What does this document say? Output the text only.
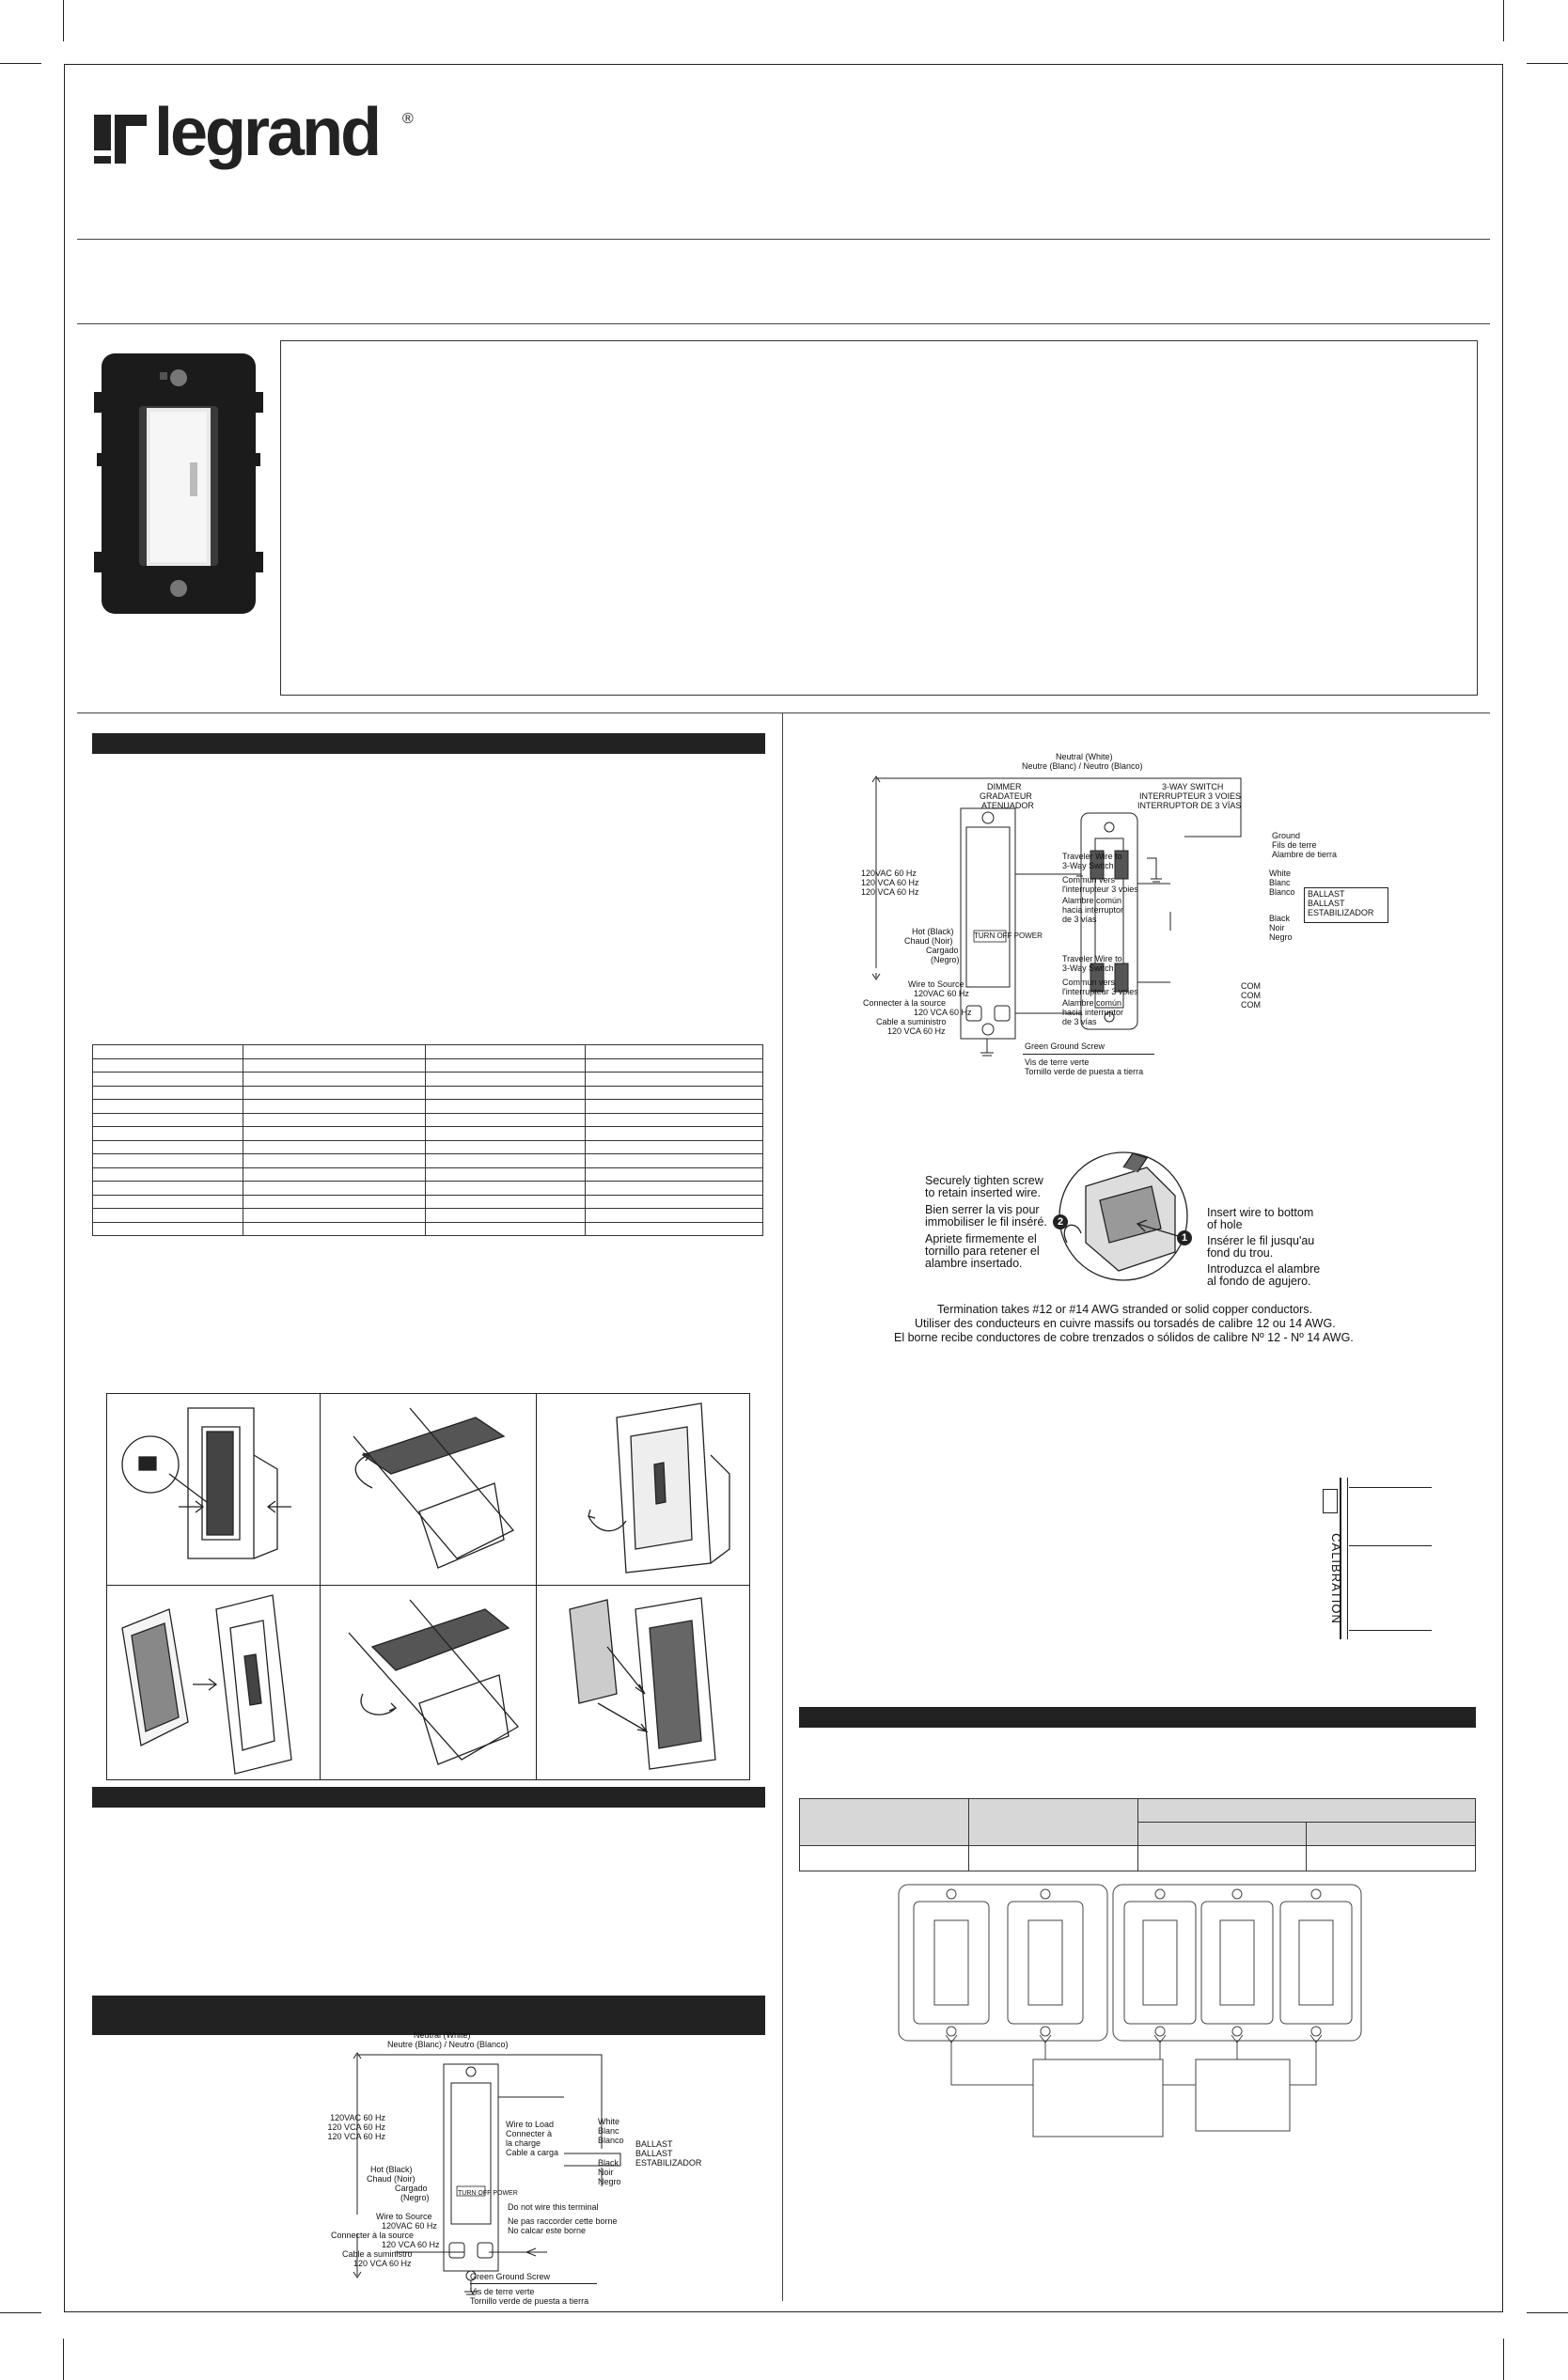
legrand ®

Neutral (White)
Neutre (Blanc) / Neutro (Blanco)
120VAC 60 Hz
120 VCA 60 Hz
120 VCA 60 Hz
Hot (Black)
Chaud (Noir)
Cargado
(Negro)
Wire to Source
120VAC 60 Hz
Connecter à la source
120 VCA 60 Hz
Cable a suministro
120 VCA 60 Hz
Wire to Load
Connecter à
la charge
Cable a carga
White
Blanc
Blanco
Black
Noir
Negro
BALLAST
BALLAST
ESTABILIZADOR
Do not wire this terminal
Ne pas raccorder cette borne
No calcar este borne
Green Ground Screw
Vis de terre verte
Tornillo verde de puesta a tierra
TURN OFF POWER
Neutral (White)
Neutre (Blanc) / Neutro (Blanco)
DIMMER
GRADATEUR
ATENUADOR
3-WAY SWITCH
INTERRUPTEUR 3 VOIES
INTERRUPTOR DE 3 VÍAS
120VAC 60 Hz
120 VCA 60 Hz
120 VCA 60 Hz
Hot (Black)
Chaud (Noir)
Cargado
(Negro)
Wire to Source
120VAC 60 Hz
Connecter à la source
120 VCA 60 Hz
Cable a suministro
120 VCA 60 Hz
Traveler Wire to
3-Way Switch
Commun vers
l'interrupteur 3 voies
Alambre común
hacia interruptor
de 3 vías
Traveler Wire to
3-Way Switch
Commun vers
l'interrupteur 3 voies
Alambre común
hacia interruptor
de 3 vías
Ground
Fils de terre
Alambre de tierra
White
Blanc
Blanco
Black
Noir
Negro
BALLAST
BALLAST
ESTABILIZADOR
COM
COM
COM
Green Ground Screw
Vis de terre verte
Tornillo verde de puesta a tierra
TURN OFF POWER
1
2
Securely tighten screw
to retain inserted wire.
Bien serrer la vis pour
immobiliser le fil inséré.
Apriete firmemente el
tornillo para retener el
alambre insertado.
Insert wire to bottom
of hole
Insérer le fil jusqu'au
fond du trou.
Introduzca el alambre
al fondo de agujero.
Termination takes #12 or #14 AWG stranded or solid copper conductors.
Utiliser des conducteurs en cuivre massifs ou torsadés de calibre 12 ou 14 AWG.
El borne recibe conductores de cobre trenzados o sólidos de calibre Nº 12 - Nº 14 AWG.
CALIBRATION
